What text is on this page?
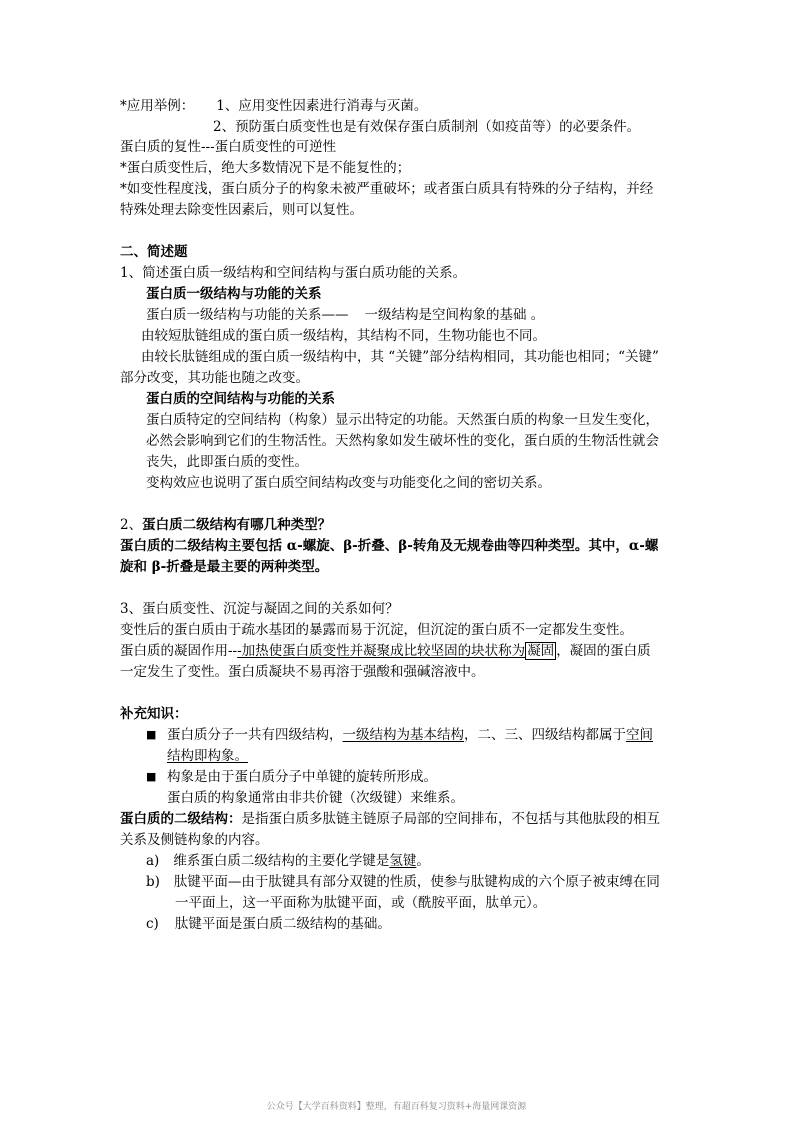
*应用举例： 1、应用变性因素进行消毒与灭菌。
2、预防蛋白质变性也是有效保存蛋白质制剂（如疫苗等）的必要条件。
蛋白质的复性---蛋白质变性的可逆性
*蛋白质变性后，绝大多数情况下是不能复性的；
*如变性程度浅，蛋白质分子的构象未被严重破坏；或者蛋白质具有特殊的分子结构，并经
特殊处理去除变性因素后，则可以复性。
二、简述题
1、简述蛋白质一级结构和空间结构与蛋白质功能的关系。
蛋白质一级结构与功能的关系
蛋白质一级结构与功能的关系—— 一级结构是空间构象的基础 。
由较短肽链组成的蛋白质一级结构，其结构不同，生物功能也不同。
由较长肽链组成的蛋白质一级结构中，其 “关键”部分结构相同，其功能也相同；“关键”
部分改变，其功能也随之改变。
蛋白质的空间结构与功能的关系
蛋白质特定的空间结构（构象）显示出特定的功能。天然蛋白质的构象一旦发生变化，
必然会影响到它们的生物活性。天然构象如发生破坏性的变化，蛋白质的生物活性就会
丧失，此即蛋白质的变性。
变构效应也说明了蛋白质空间结构改变与功能变化之间的密切关系。
2、蛋白质二级结构有哪几种类型？
蛋白质的二级结构主要包括 α-螺旋、β-折叠、β-转角及无规卷曲等四种类型。其中，α-螺
旋和 β-折叠是最主要的两种类型。
3、蛋白质变性、沉淀与凝固之间的关系如何？
变性后的蛋白质由于疏水基团的暴露而易于沉淀，但沉淀的蛋白质不一定都发生变性。
蛋白质的凝固作用---加热使蛋白质变性并凝聚成比较坚固的块状称为 凝固 ，凝固的蛋白质
一定发生了变性。蛋白质凝块不易再溶于强酸和强碱溶液中。
补充知识：
■ 蛋白质分子一共有四级结构，一级结构为基本结构，二、三、四级结构都属于空间
结构即构象。
■ 构象是由于蛋白质分子中单键的旋转所形成。
蛋白质的构象通常由非共价键（次级键）来维系。
蛋白质的二级结构：是指蛋白质多肽链主链原子局部的空间排布，不包括与其他肽段的相互
关系及侧链构象的内容。
a) 维系蛋白质二级结构的主要化学键是氢键。
b) 肽键平面—由于肽键具有部分双键的性质，使参与肽键构成的六个原子被束缚在同
一平面上，这一平面称为肽键平面，或（酰胺平面，肽单元）。
c) 肽键平面是蛋白质二级结构的基础。
公众号【大学百科资料】整理，有超百科复习资料+海量网课资源
